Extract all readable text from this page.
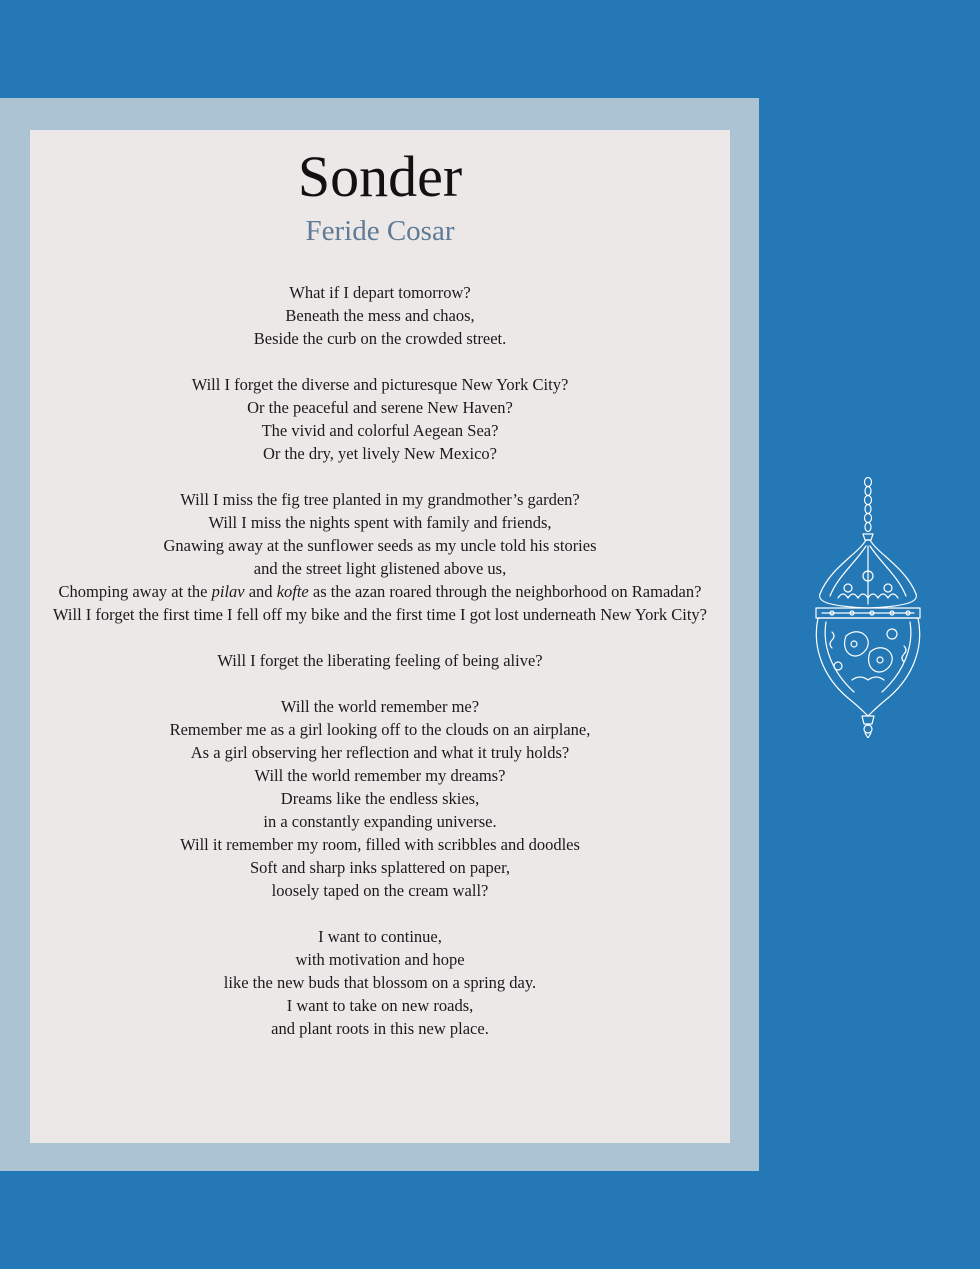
Sonder
Feride Cosar
What if I depart tomorrow?
Beneath the mess and chaos,
Beside the curb on the crowded street.
Will I forget the diverse and picturesque New York City?
Or the peaceful and serene New Haven?
The vivid and colorful Aegean Sea?
Or the dry, yet lively New Mexico?
Will I miss the fig tree planted in my grandmother’s garden?
Will I miss the nights spent with family and friends,
Gnawing away at the sunflower seeds as my uncle told his stories
and the street light glistened above us,
Chomping away at the pilav and kofte as the azan roared through the neighborhood on Ramadan?
Will I forget the first time I fell off my bike and the first time I got lost underneath New York City?
Will I forget the liberating feeling of being alive?
Will the world remember me?
Remember me as a girl looking off to the clouds on an airplane,
As a girl observing her reflection and what it truly holds?
Will the world remember my dreams?
Dreams like the endless skies,
in a constantly expanding universe.
Will it remember my room, filled with scribbles and doodles
Soft and sharp inks splattered on paper,
loosely taped on the cream wall?
I want to continue,
with motivation and hope
like the new buds that blossom on a spring day.
I want to take on new roads,
and plant roots in this new place.
